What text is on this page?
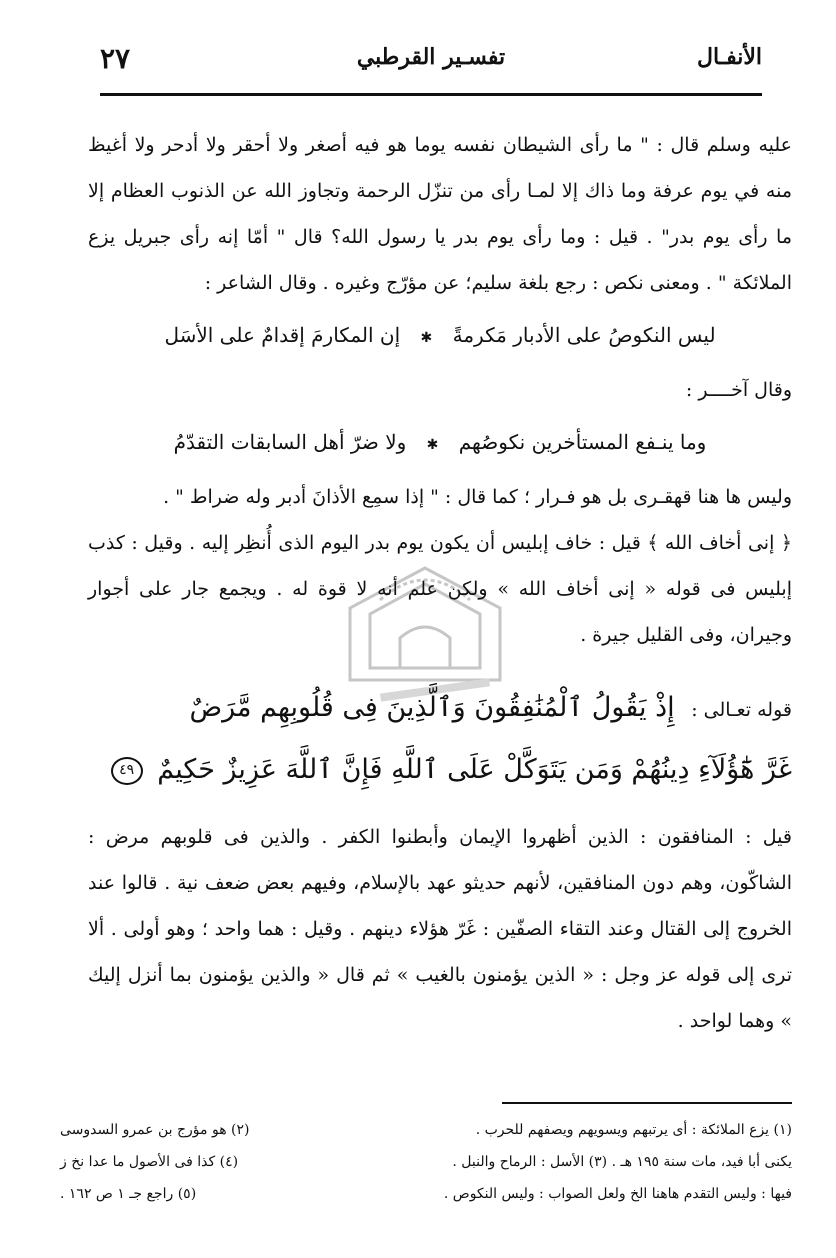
الأنفـال
تفسـير القرطبي
٢٧

عليه وسلم قال : " ما رأى الشيطان نفسه يوما هو فيه أصغر ولا أحقر ولا أدحر ولا أغيظ منه في يوم عرفة وما ذاك إلا لمـا رأى من تنزّل الرحمة وتجاوز الله عن الذنوب العظام إلا ما رأى يوم بدر" . قيل : وما رأى يوم بدر يا رسول الله؟ قال " أمّا إنه رأى جبريل يزع الملائكة " . ومعنى نكص : رجع بلغة سليم؛ عن مؤرّج وغيره . وقال الشاعر :

ليس النكوصُ على الأدبار مَكرمةً ✱ إن المكارمَ إقدامٌ على الأسَل

وقال آخــــر :

وما ينـفع المستأخرين نكوصُهم ✱ ولا ضرّ أهل السابقات التقدّمُ

وليس ها هنا قهقـرى بل هو فـرار ؛ كما قال : " إذا سمِع الأذانَ أدبر وله ضراط " .

﴿ إنى أخاف الله ﴾ قيل : خاف إبليس أن يكون يوم بدر اليوم الذى أُنظِر إليه . وقيل : كذب إبليس فى قوله « إنى أخاف الله » ولكن علم أنه لا قوة له . ويجمع جار على أجوار وجيران، وفى القليل جيرة .

قوله تعـالى : إِذْ يَقُولُ ٱلْمُنَٰفِقُونَ وَٱلَّذِينَ فِى قُلُوبِهِم مَّرَضٌ
غَرَّ هَٰٓؤُلَآءِ دِينُهُمْ وَمَن يَتَوَكَّلْ عَلَى ٱللَّهِ فَإِنَّ ٱللَّهَ عَزِيزٌ حَكِيمٌ ٤٩

قيل : المنافقون : الذين أظهروا الإيمان وأبطنوا الكفر . والذين فى قلوبهم مرض : الشاكّون، وهم دون المنافقين، لأنهم حديثو عهد بالإسلام، وفيهم بعض ضعف نية . قالوا عند الخروج إلى القتال وعند التقاء الصفّين : غَرّ هؤلاء دينهم . وقيل : هما واحد ؛ وهو أولى . ألا ترى إلى قوله عز وجل : « الذين يؤمنون بالغيب » ثم قال « والذين يؤمنون بما أنزل إليك » وهما لواحد .

(١) يزع الملائكة : أى يرتبهم ويسويهم ويصفهم للحرب .
(٢) هو مؤرج بن عمرو السدوسى
يكنى أبا فيد، مات سنة ١٩٥ هـ . (٣) الأسل : الرماح والنبل .
(٤) كذا فى الأصول ما عدا نخ ز
فيها : وليس التقدم هاهنا الخ ولعل الصواب : وليس النكوص .
(٥) راجع جـ ١ ص ١٦٢ .
